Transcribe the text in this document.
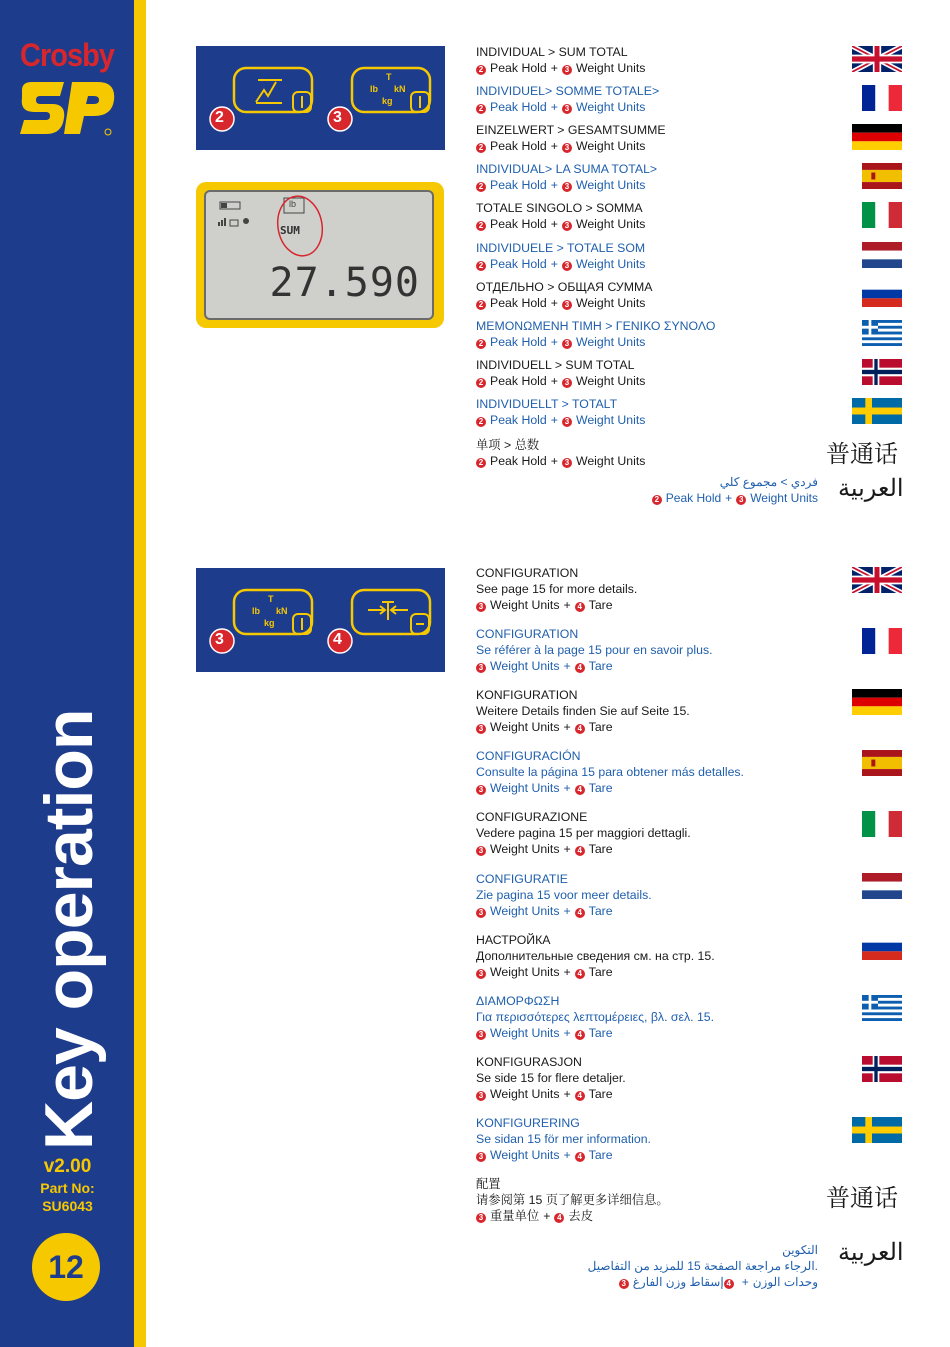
Crosby
Key operation
v2.00
Part No:
SU6043
12
T
lb kN
kg
2	3
lb
SUM
27.590
T
lb kN
kg
3	4
INDIVIDUAL > SUM TOTAL
2 Peak Hold + 3 Weight Units
INDIVIDUEL> SOMME TOTALE>
2 Peak Hold + 3 Weight Units
EINZELWERT > GESAMTSUMME
2 Peak Hold + 3 Weight Units
INDIVIDUAL> LA SUMA TOTAL>
2 Peak Hold + 3 Weight Units
TOTALE SINGOLO > SOMMA
2 Peak Hold + 3 Weight Units
INDIVIDUELE > TOTALE SOM
2 Peak Hold + 3 Weight Units
ОТДЕЛЬНО > ОБЩАЯ СУММА
2 Peak Hold + 3 Weight Units
ΜΕΜΟΝΩΜΕΝΗ ΤΙΜΗ > ΓΕΝΙΚΟ ΣΥΝΟΛΟ
2 Peak Hold + 3 Weight Units
INDIVIDUELL > SUM TOTAL
2 Peak Hold + 3 Weight Units
INDIVIDUELLT > TOTALT
2 Peak Hold + 3 Weight Units
单项 > 总数
2 Peak Hold + 3 Weight Units	普通话
العربية
فردي > مجموع كلي
2 Peak Hold + 3 Weight Units
CONFIGURATION
See page 15 for more details.
3 Weight Units + 4 Tare
CONFIGURATION
Se référer à la page 15 pour en savoir plus.
3 Weight Units + 4 Tare
KONFIGURATION
Weitere Details finden Sie auf Seite 15.
3 Weight Units + 4 Tare
CONFIGURACIÓN
Consulte la página 15 para obtener más detalles.
3 Weight Units + 4 Tare
CONFIGURAZIONE
Vedere pagina 15 per maggiori dettagli.
3 Weight Units + 4 Tare
CONFIGURATIE
Zie pagina 15 voor meer details.
3 Weight Units + 4 Tare
НАСТРОЙКА
Дополнительные сведения см. на стр. 15.
3 Weight Units + 4 Tare
ΔΙΑΜΟΡΦΩΣΗ
Για περισσότερες λεπτομέρειες, βλ. σελ. 15.
3 Weight Units + 4 Tare
KONFIGURASJON
Se side 15 for flere detaljer.
3 Weight Units + 4 Tare
KONFIGURERING
Se sidan 15 för mer information.
3 Weight Units + 4 Tare
配置
请参阅第 15 页了解更多详细信息。
3 重量单位 + 4 去皮
普通话
العربية
التكوين
الرجاء مراجعة الصفحة 15 للمزيد من التفاصيل.
3	وحدات الوزن+4إسقاط وزن الفارغ
